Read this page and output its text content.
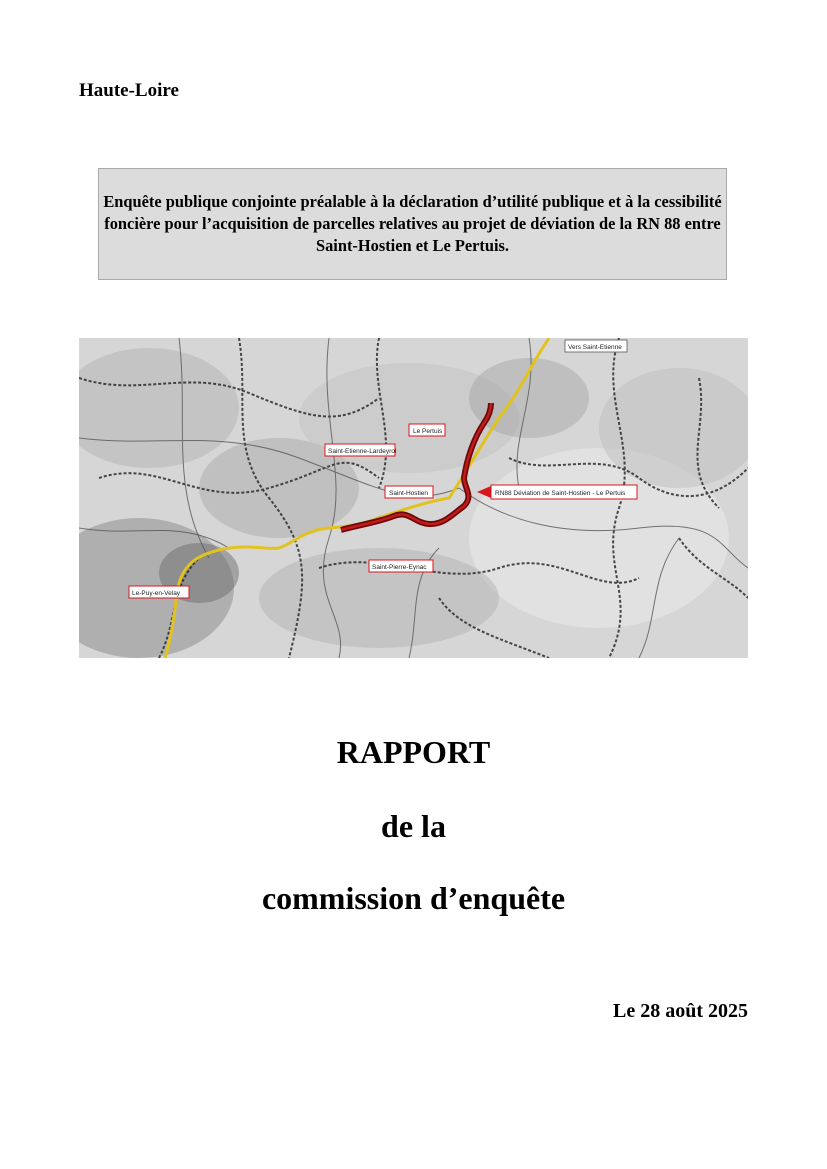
Haute-Loire

Enquête publique conjointe préalable à la déclaration d’utilité publique et à la cessibilité foncière pour l’acquisition de parcelles relatives au projet de déviation de la RN 88 entre Saint-Hostien et Le Pertuis.

Le Pertuis
Saint-Etienne-Lardeyrol
Saint-Hostien
Saint-Pierre-Eynac
Le-Puy-en-Velay
Vers Saint-Etienne
RN88 Déviation de Saint-Hostien - Le Pertuis
RAPPORT
de la
commission d’enquête
Le 28 août 2025
